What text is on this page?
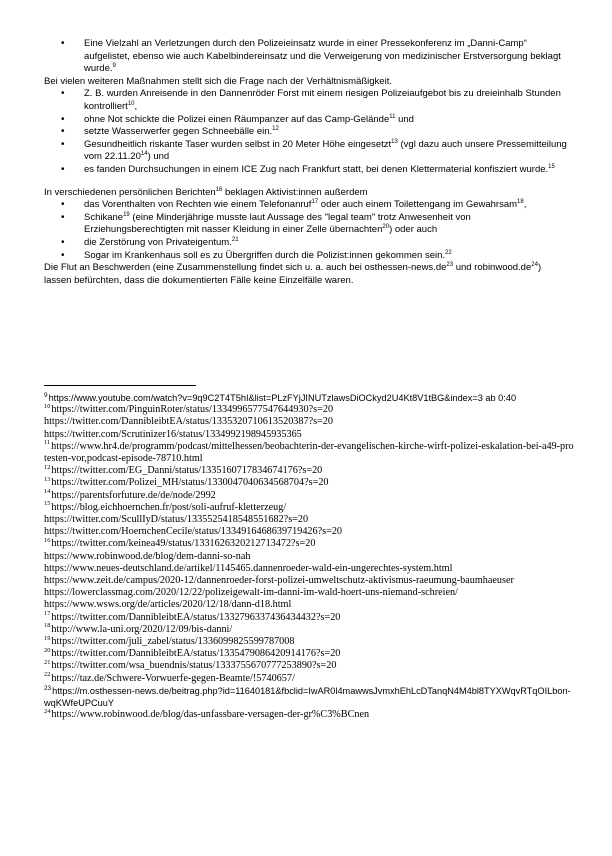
• Eine Vielzahl an Verletzungen durch den Polizeieinsatz wurde in einer Pressekonferenz im „Danni-Camp“ aufgelistet, ebenso wie auch Kabelbindereinsatz und die Verweigerung von medizinischer Erstversorgung beklagt wurde.$^9$

Bei vielen weiteren Maßnahmen stellt sich die Frage nach der Verhältnismäßigkeit.

• Z. B. wurden Anreisende in den Dannenröder Forst mit einem riesigen Polizeiaufgebot bis zu dreieinhalb Stunden kontrolliert$^{10}$,
• ohne Not schickte die Polizei einen Räumpanzer auf das Camp-Gelände$^{11}$ und
• setzte Wasserwerfer gegen Schneebälle ein.$^{12}$
• Gesundheitlich riskante Taser wurden selbst in 20 Meter Höhe eingesetzt$^{13}$ (vgl dazu auch unsere Pressemitteilung vom 22.11.20$^{14}$) und
• es fanden Durchsuchungen in einem ICE Zug nach Frankfurt statt, bei denen Klettermaterial konfisziert wurde.$^{15}$

In verschiedenen persönlichen Berichten$^{16}$ beklagen Aktivist:innen außerdem

• das Vorenthalten von Rechten wie einem Telefonanruf$^{17}$ oder auch einem Toilettengang im Gewahrsam$^{18}$,
• Schikane$^{19}$ (eine Minderjährige musste laut Aussage des "legal team" trotz Anwesenheit von Erziehungsberechtigten mit nasser Kleidung in einer Zelle übernachten$^{20}$) oder auch
• die Zerstörung von Privateigentum.$^{21}$
• Sogar im Krankenhaus soll es zu Übergriffen durch die Polizist:innen gekommen sein.$^{22}$

Die Flut an Beschwerden (eine Zusammenstellung findet sich u. a. auch bei osthessen-$news.de^{23}$ und $robinwood.de^{24}$) lassen befürchten, dass die dokumentierten Fälle keine Einzelfälle waren.

$^9$https://www.youtube.com/watch?v=9q9C2T4T5hI&list=PLzFYjJINUTzlawsDiOCkyd2U4Kt8V1tBG&index=3 ab 0:40
$^{10}$https://twitter.com/PinguinRoter/status/1334996577547644930?s=20
https://twitter.com/DannibleibtEA/status/1335320710613520387?s=20
https://twitter.com/Scrutinizer16/status/1334992198945935365
$^{11}$https://www.hr4.de/programm/podcast/mittelhessen/beobachterin-der-evangelischen-kirche-wirft-polizei-eskalation-bei-a49-protesten-vor,podcast-episode-78710.html
$^{12}$https://twitter.com/EG_Danni/status/1335160717834674176?s=20
$^{13}$https://twitter.com/Polizei_MH/status/1330047040634568704?s=20
$^{14}$https://parentsforfuture.de/de/node/2992
$^{15}$https://blog.eichhoernchen.fr/post/soli-aufruf-kletterzeug/
https://twitter.com/ScullIyD/status/1335525418548551682?s=20
https://twitter.com/HoernchenCecile/status/1334916468639719426?s=20
$^{16}$https://twitter.com/keinea49/status/1331626320212713472?s=20
https://www.robinwood.de/blog/dem-danni-so-nah
https://www.neues-deutschland.de/artikel/1145465.dannenroeder-wald-ein-ungerechtes-system.html
https://www.zeit.de/campus/2020-12/dannenroeder-forst-polizei-umweltschutz-aktivismus-raeumung-baumhaeuser
https://lowerclassmag.com/2020/12/22/polizeigewalt-im-danni-im-wald-hoert-uns-niemand-schreien/
https://www.wsws.org/de/articles/2020/12/18/dann-d18.html
$^{17}$https://twitter.com/DannibleibtEA/status/1332796337436434432?s=20
$^{18}$http://www.la-uni.org/2020/12/09/bis-danni/
$^{19}$https://twitter.com/juli_zabel/status/1336099825599787008
$^{20}$https://twitter.com/DannibleibtEA/status/1335479086420914176?s=20
$^{21}$https://twitter.com/wsa_buendnis/status/1333755670777253890?s=20
$^{22}$https://taz.de/Schwere-Vorwuerfe-gegen-Beamte/!5740657/
$^{23}$https://m.osthessen-news.de/beitrag.php?id=11640181&fbclid=IwAR0l4mawwsJvmxhEhLcDTanqN4M4bl8TYXWqvRTqOILbon-wqKWfeUPCuuY
$^{24}$https://www.robinwood.de/blog/das-unfassbare-versagen-der-gr%C3%BCnen
